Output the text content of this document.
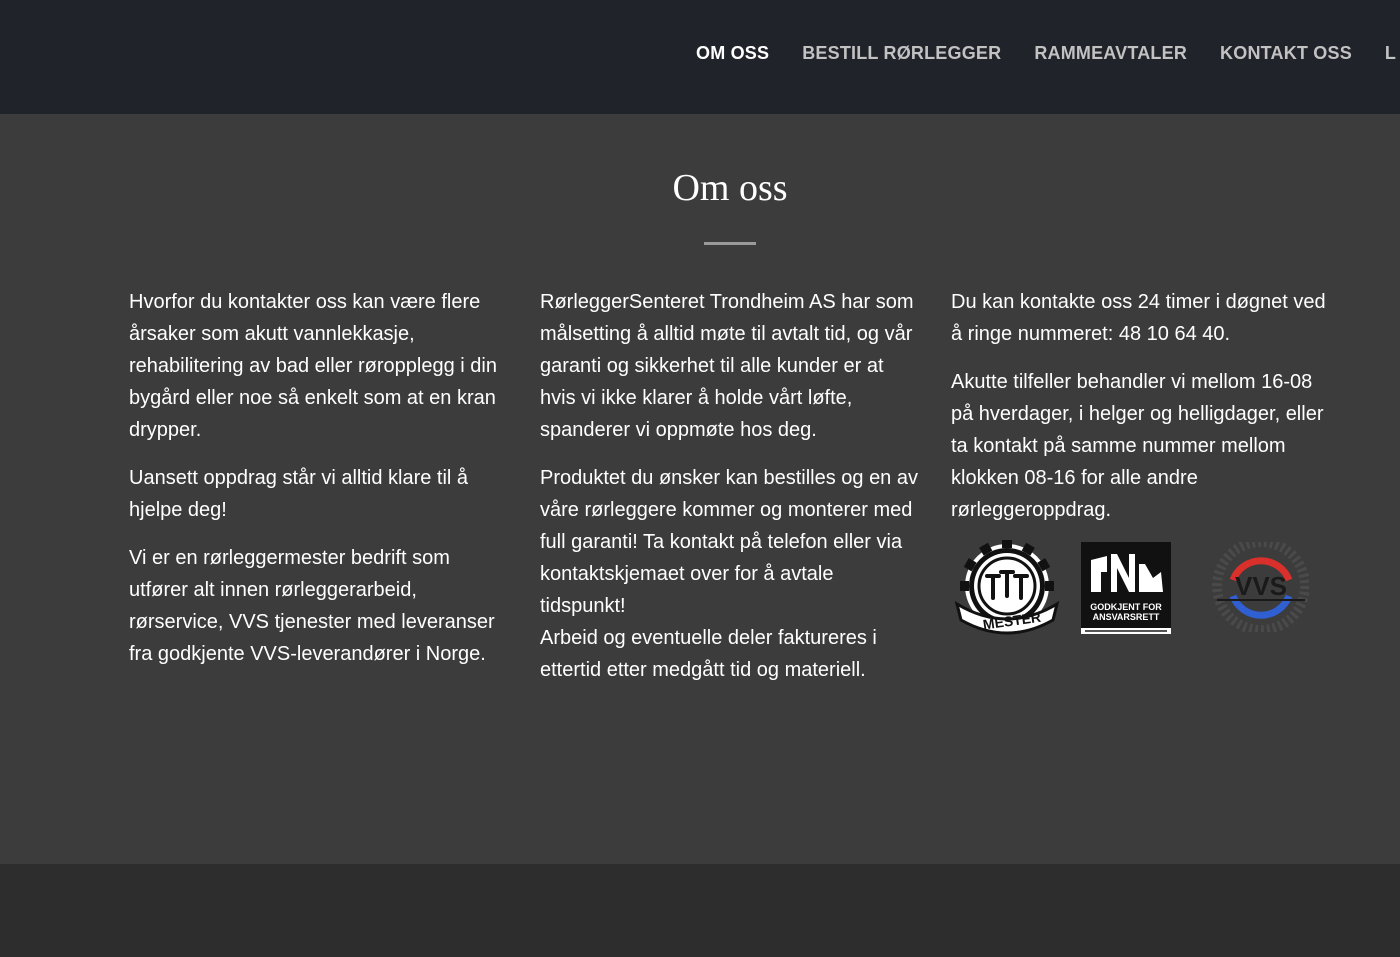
OM OSS BESTILL RØRLEGGER RAMMEAVTALER KONTAKT OSS L
Om oss

Hvorfor du kontakter oss kan være flere årsaker som akutt vannlekkasje, rehabilitering av bad eller røropplegg i din bygård eller noe så enkelt som at en kran drypper.

Uansett oppdrag står vi alltid klare til å hjelpe deg!

Vi er en rørleggermester bedrift som utfører alt innen rørleggerarbeid, rørservice, VVS tjenester med leveranser fra godkjente VVS-leverandører i Norge.

RørleggerSenteret Trondheim AS har som målsetting å alltid møte til avtalt tid, og vår garanti og sikkerhet til alle kunder er at hvis vi ikke klarer å holde vårt løfte, spanderer vi oppmøte hos deg.

Produktet du ønsker kan bestilles og en av våre rørleggere kommer og monterer med full garanti! Ta kontakt på telefon eller via kontaktskjemaet over for å avtale tidspunkt!

Arbeid og eventuelle deler faktureres i ettertid etter medgått tid og materiell.

Du kan kontakte oss 24 timer i døgnet ved å ringe nummeret: 48 10 64 40.

Akutte tilfeller behandler vi mellom 16-08 på hverdager, i helger og helligdager, eller ta kontakt på samme nummer mellom klokken 08-16 for alle andre rørleggeroppdrag.

MESTER
GODKJENT FOR
ANSVARSRETT
VVS
